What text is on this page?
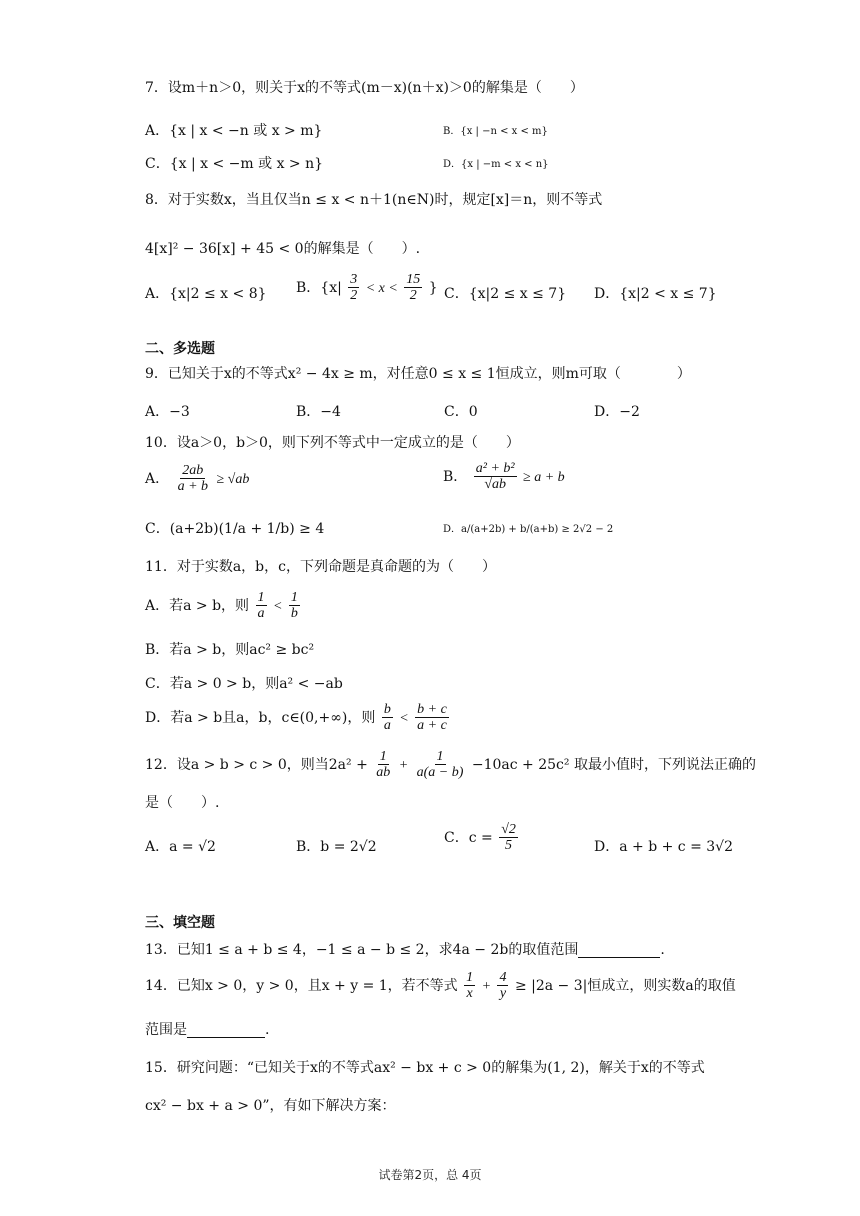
7．设m＋n＞0，则关于x的不等式(m－x)(n＋x)＞0的解集是（　　）
A．{x | x < −n 或 x > m}	B．{x | −n < x < m}
C．{x | x < −m 或 x > n}	D．{x | −m < x < n}
8．对于实数x，当且仅当n ≤ x < n＋1(n∈N)时，规定[x]＝n，则不等式
4[x]² − 36[x] + 45 < 0的解集是（　　）.
A．{x|2 ≤ x < 8} B．{$x| \frac{3}{2} < x < \frac{15}{2}$ } C．{x|2 ≤ x ≤ 7} D．{x|2 < x ≤ 7}
二、多选题
9．已知关于x的不等式x² − 4x ≥ m，对任意0 ≤ x ≤ 1恒成立，则m可取（　　　　）
A．−3	B．−4	C．0	D．−2
10．设a＞0，b＞0，则下列不等式中一定成立的是（　　）
A． $\frac{2ab}{a + b} \ge √ab$	B． $\frac{\text{a² + b²}}{√ab} \ge a + b$
C．(a+2b)(1/a + 1/b) ≥ 4	D．a/(a+2b) + b/(a+b) ≥ 2√2 − 2
11．对于实数a，b，c，下列命题是真命题的为（　　）
A．若a > b，则 $\frac{1}{a} < \frac{1}{b}$
B．若a > b，则ac² ≥ bc²
C．若a > 0 > b，则a² < −ab
D．若a > b且a，b，c∈(0,+∞)，则 $\frac{b}{a} < \frac{b + c}{a + c}$
12．设a > b > c > 0，则当$2a^2 + \frac{1}{ab} + \frac{1}{a(a - b)} -10ac + 25c^2$ 取最小值时，下列说法正确的
是（　　）.
A．a = √2	B．b = 2√2
C．$c = \frac{√2}{5}$	D．a + b + c = 3√2
三、填空题
13．已知1 ≤ a + b ≤ 4，−1 ≤ a − b ≤ 2，求4a − 2b的取值范围	.
14．已知x > 0，y > 0，且x + y = 1，若不等式 $\frac{1}{x} + \frac{4}{y} \ge |2a - 3|$恒成立，则实数a的取值
范围是	.
15．研究问题：“已知关于x的不等式ax² − bx + c > 0的解集为(1, 2)，解关于x的不等式
cx² − bx + a > 0”，有如下解决方案：
试卷第2页，总 4页
